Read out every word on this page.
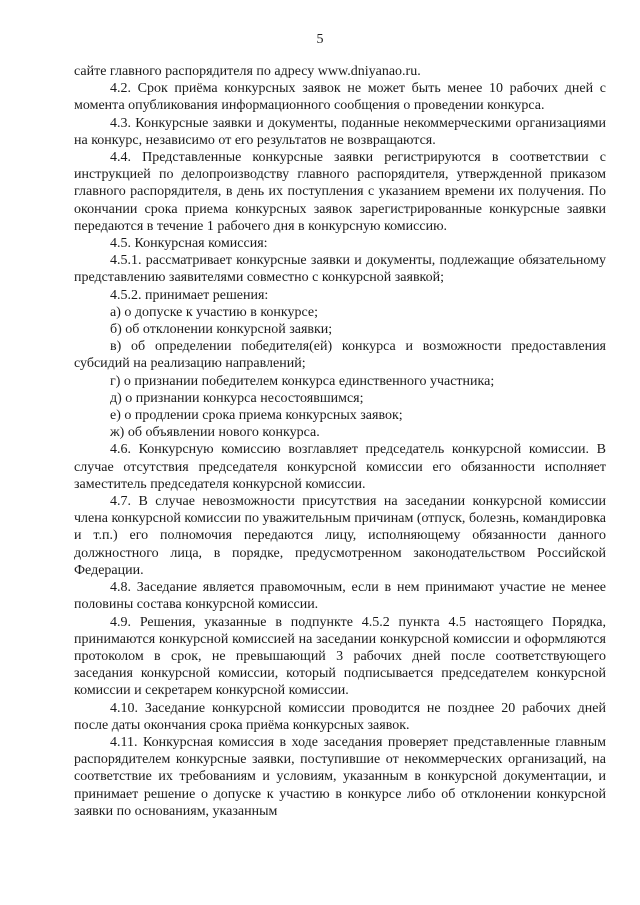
5

сайте главного распорядителя по адресу www.dniyanao.ru.

4.2. Срок приёма конкурсных заявок не может быть менее 10 рабочих дней с момента опубликования информационного сообщения о проведении конкурса.

4.3. Конкурсные заявки и документы, поданные некоммерческими организациями на конкурс, независимо от его результатов не возвращаются.

4.4. Представленные конкурсные заявки регистрируются в соответствии с инструкцией по делопроизводству главного распорядителя, утвержденной приказом главного распорядителя, в день их поступления с указанием времени их получения. По окончании срока приема конкурсных заявок зарегистрированные конкурсные заявки передаются в течение 1 рабочего дня в конкурсную комиссию.

4.5. Конкурсная комиссия:

4.5.1. рассматривает конкурсные заявки и документы, подлежащие обязательному представлению заявителями совместно с конкурсной заявкой;

4.5.2. принимает решения:

а) о допуске к участию в конкурсе;

б) об отклонении конкурсной заявки;

в) об определении победителя(ей) конкурса и возможности предоставления субсидий на реализацию направлений;

г) о признании победителем конкурса единственного участника;

д) о признании конкурса несостоявшимся;

е) о продлении срока приема конкурсных заявок;

ж) об объявлении нового конкурса.

4.6. Конкурсную комиссию возглавляет председатель конкурсной комиссии. В случае отсутствия председателя конкурсной комиссии его обязанности исполняет заместитель председателя конкурсной комиссии.

4.7. В случае невозможности присутствия на заседании конкурсной комиссии члена конкурсной комиссии по уважительным причинам (отпуск, болезнь, командировка и т.п.) его полномочия передаются лицу, исполняющему обязанности данного должностного лица, в порядке, предусмотренном законодательством Российской Федерации.

4.8. Заседание является правомочным, если в нем принимают участие не менее половины состава конкурсной комиссии.

4.9. Решения, указанные в подпункте 4.5.2 пункта 4.5 настоящего Порядка, принимаются конкурсной комиссией на заседании конкурсной комиссии и оформляются протоколом в срок, не превышающий 3 рабочих дней после соответствующего заседания конкурсной комиссии, который подписывается председателем конкурсной комиссии и секретарем конкурсной комиссии.

4.10. Заседание конкурсной комиссии проводится не позднее 20 рабочих дней после даты окончания срока приёма конкурсных заявок.

4.11. Конкурсная комиссия в ходе заседания проверяет представленные главным распорядителем конкурсные заявки, поступившие от некоммерческих организаций, на соответствие их требованиям и условиям, указанным в конкурсной документации, и принимает решение о допуске к участию в конкурсе либо об отклонении конкурсной заявки по основаниям, указанным
